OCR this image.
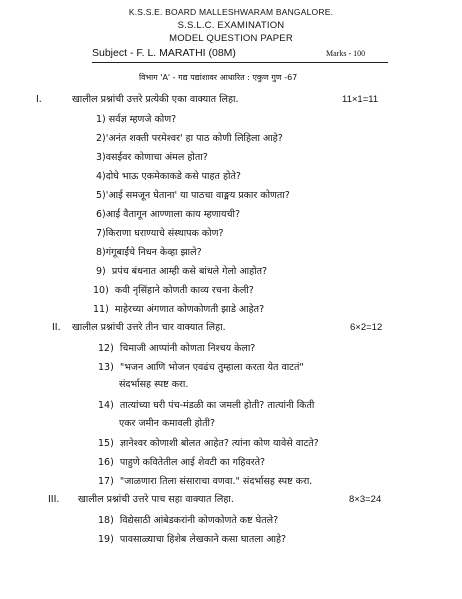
K.S.S.E. BOARD MALLESHWARAM BANGALORE.
S.S.L.C. EXAMINATION
MODEL QUESTION PAPER
Subject - F. L. MARATHI (08M)	Marks - 100
विभाग 'A' - गद्य पद्यांशावर आधारित : एकुण गुण -67
I.	खालील प्रश्नांची उत्तरे प्रत्येकी एका वाक्यात लिहा.	11×1=11
1) सर्वज्ञ म्हणजे कोण?
2)'अनंत शक्ती परमेश्वर' हा पाठ कोणी लिहिला आहे?
3)वसईवर कोणाचा अंमल होता?
4)दोघे भाऊ एकमेकाकडे कसे पाहत होते?
5)'आई समजून घेताना' या पाठचा वाङ्मय प्रकार कोणता?
6)आई वैतागून आण्णाला काय म्हणायची?
7)किराणा घराण्याचे संस्थापक कोण?
8)गंगूबाईंचे निधन केव्हा झाले?
9) प्रपंच बंधनात आम्ही कसे बांधले गेलो आहोत?
10) कवी नृसिंहाने कोणती काव्य रचना केली?
11) माहेरच्या अंगणात कोणकोणती झाडे आहेत?
II. खालील प्रश्नांची उत्तरे तीन चार वाक्यात लिहा.	6×2=12
12) चिमाजी आप्पांनी कोणता निश्चय केला?
13) "भजन आणि भोजन एवढंच तुम्हाला करता येत वाटतं"
संदर्भासह स्पष्ट करा.
14) तात्यांच्या घरी पंच-मंडळी का जमली होती? तात्यांनी किती
एकर जमीन कमावली होती?
15) ज्ञानेश्वर कोणाशी बोलत आहेत? त्यांना कोण यावेसे वाटते?
16) पाहुणे कवितेतील आई शेवटी का गहिवरते?
17) "जाळणारा तिला संसाराचा वणवा." संदर्भासह स्पष्ट करा.
III. खालील प्रश्नांची उत्तरे पाच सहा वाक्यात लिहा.	8×3=24
18) विद्येसाठी आंबेडकरांनी कोणकोणते कष्ट घेतले?
19) पावसाळ्याचा हिशेब लेखकाने कसा घातला आहे?
